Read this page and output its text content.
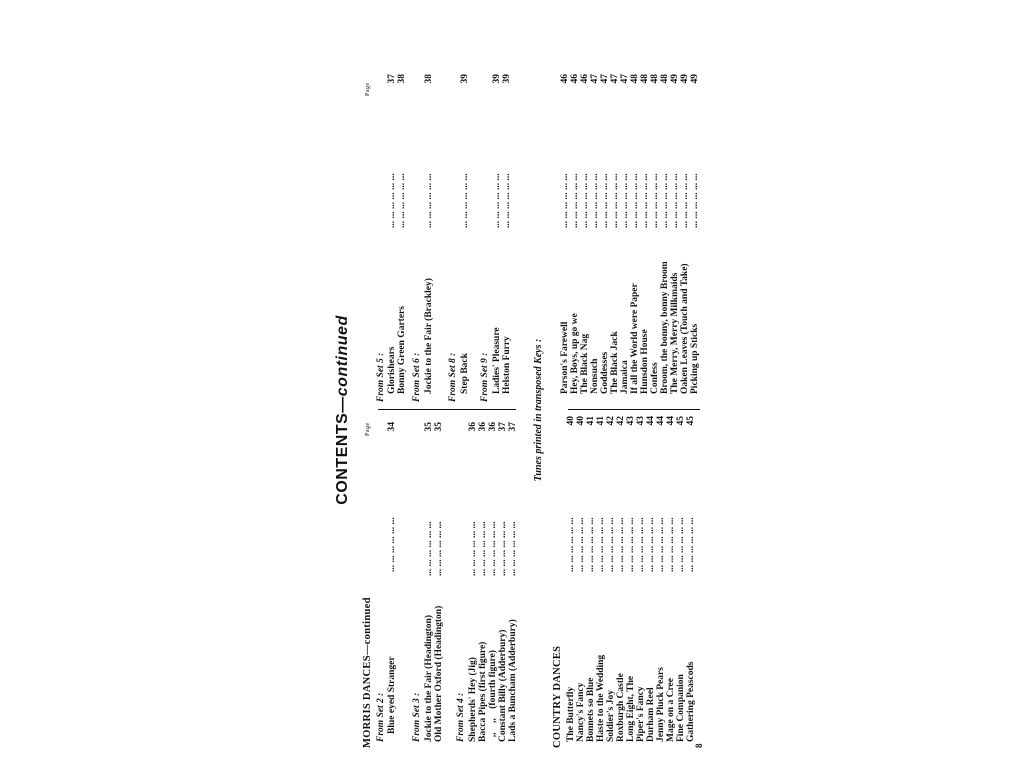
CONTENTS—continued
Page
Page
MORRIS DANCES—continued From Set 2 : Blue eyed Stranger
... ... ... ... ... ...
34
From Set 3 : Jockie to the Fair (Headington)
... ... ... ... ... ...
35
Old Mother Oxford (Headington)
... ... ... ... ... ...
35
From Set 4 : Shepherds' Hey (Jig)
... ... ... ... ... ...
36
Bacca Pipes (first figure)
... ... ... ... ... ...
36
,,    ,,    (fourth figure)
... ... ... ... ... ...
36
Constant Billy (Adderbury)
... ... ... ... ... ...
37
Lads a Buncham (Adderbury)
... ... ... ... ... ...
37
From Set 5 : Glorishears
... ... ... ... ... ...
37
Bonny Green Garters
... ... ... ... ... ...
38
From Set 6 : Jockie to the Fair (Brackley)
... ... ... ... ... ...
38
From Set 8 : Step Back
... ... ... ... ... ...
39
From Set 9 : Ladies' Pleasure
... ... ... ... ... ...
39
Helston Furry
... ... ... ... ... ...
39
Tunes printed in transposed Keys :
COUNTRY DANCES The Butterfly
... ... ... ... ... ...
40
Nancy's Fancy
... ... ... ... ... ...
40
Bonnets so Blue
... ... ... ... ... ...
41
Haste to the Wedding
... ... ... ... ... ...
41
Soldier's Joy
... ... ... ... ... ...
42
Roxburgh Castle
... ... ... ... ... ...
42
Long Eight, The
... ... ... ... ... ...
43
Piper's Fancy
... ... ... ... ... ...
43
Durham Reel
... ... ... ... ... ...
44
Jenny Pluck Pears
... ... ... ... ... ...
44
Mage on a Cree
... ... ... ... ... ...
44
Fine Companion
... ... ... ... ... ...
45
Gathering Peascods
... ... ... ... ... ...
45
Parson's Farewell
... ... ... ... ... ...
46
Hey, Boys, up go we
... ... ... ... ... ...
46
The Black Nag
... ... ... ... ... ...
46
Nonsuch
... ... ... ... ... ...
47
Goddesses
... ... ... ... ... ...
47
The Black Jack
... ... ... ... ... ...
47
Jamaica
... ... ... ... ... ...
47
If all the World were Paper
... ... ... ... ... ...
48
Hunsdon House
... ... ... ... ... ...
48
Confess
... ... ... ... ... ...
48
Broom, the bonny, bonny Broom
... ... ... ... ... ...
48
The Merry, Merry Milkmaids
... ... ... ... ... ...
49
Oaken Leaves (Touch and Take)
... ... ... ... ... ...
49
Picking up Sticks
... ... ... ... ... ...
49
8
